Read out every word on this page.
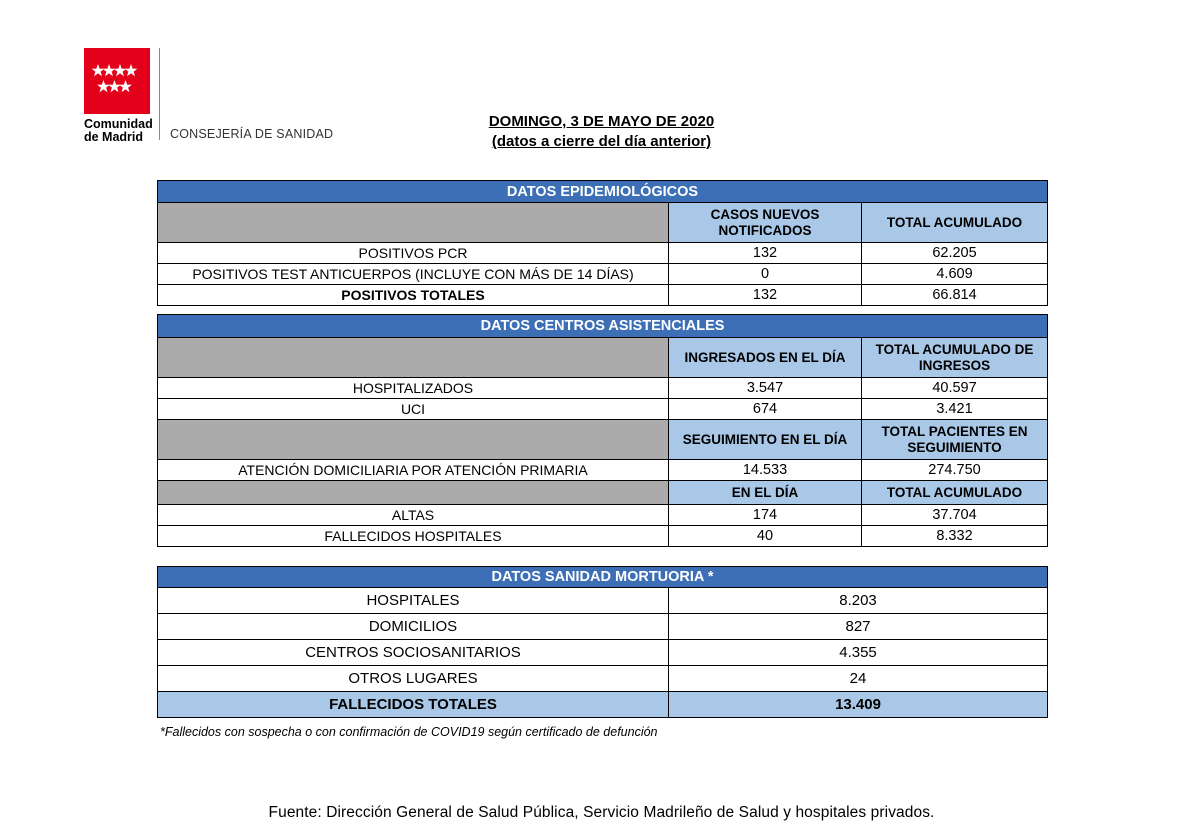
Comunidad
de Madrid	CONSEJERÍA DE SANIDAD
DOMINGO, 3 DE MAYO DE 2020
(datos a cierre del día anterior)
DATOS EPIDEMIOLÓGICOS		
	CASOS NUEVOS NOTIFICADOS	TOTAL ACUMULADO
POSITIVOS PCR	132	62.205
POSITIVOS TEST ANTICUERPOS (INCLUYE CON MÁS DE 14 DÍAS)	0	4.609
POSITIVOS TOTALES	132	66.814
DATOS CENTROS ASISTENCIALES		
	INGRESADOS EN EL DÍA	TOTAL ACUMULADO DE INGRESOS
HOSPITALIZADOS	3.547	40.597
UCI	674	3.421
	SEGUIMIENTO EN EL DÍA	TOTAL PACIENTES EN SEGUIMIENTO
ATENCIÓN DOMICILIARIA POR ATENCIÓN PRIMARIA	14.533	274.750
	EN EL DÍA	TOTAL ACUMULADO
ALTAS	174	37.704
FALLECIDOS HOSPITALES	40	8.332
DATOS SANIDAD MORTUORIA *	
HOSPITALES	8.203
DOMICILIOS	827
CENTROS SOCIOSANITARIOS	4.355
OTROS LUGARES	24
FALLECIDOS TOTALES	13.409
*Fallecidos con sospecha o con confirmación de COVID19 según certificado de defunción
Fuente: Dirección General de Salud Pública, Servicio Madrileño de Salud y hospitales privados.
